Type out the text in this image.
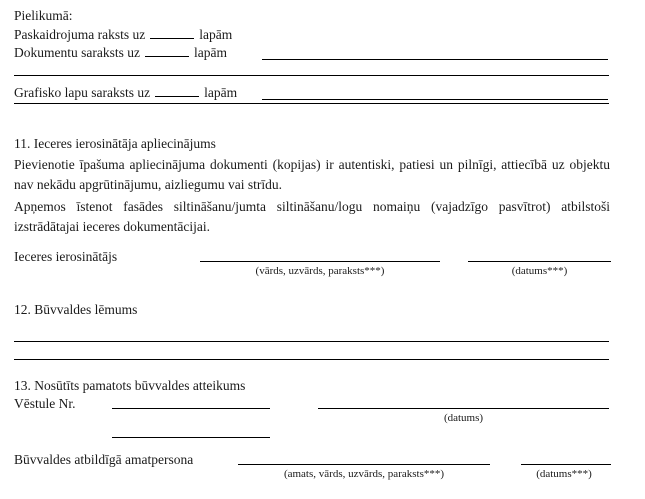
Pielikumā:
Paskaidrojuma raksts uz	lapām
Dokumentu saraksts uz	lapām
Grafisko lapu saraksts uz	lapām
11. Ieceres ierosinātāja apliecinājums
Pievienotie īpašuma apliecinājuma dokumenti (kopijas) ir autentiski, patiesi un pilnīgi, attiecībā uz objektu nav nekādu apgrūtinājumu, aizliegumu vai strīdu.
Apņemos īstenot fasādes siltināšanu/jumta siltināšanu/logu nomaiņu (vajadzīgo pasvītrot) atbilstoši izstrādātajai ieceres dokumentācijai.
Ieceres ierosinātājs
(vārds, uzvārds, paraksts***)	(datums***)
12. Būvvaldes lēmums
13. Nosūtīts pamatots būvvaldes atteikums
Vēstule Nr.
(datums)
Būvvaldes atbildīgā amatpersona
(amats, vārds, uzvārds, paraksts***)	(datums***)
